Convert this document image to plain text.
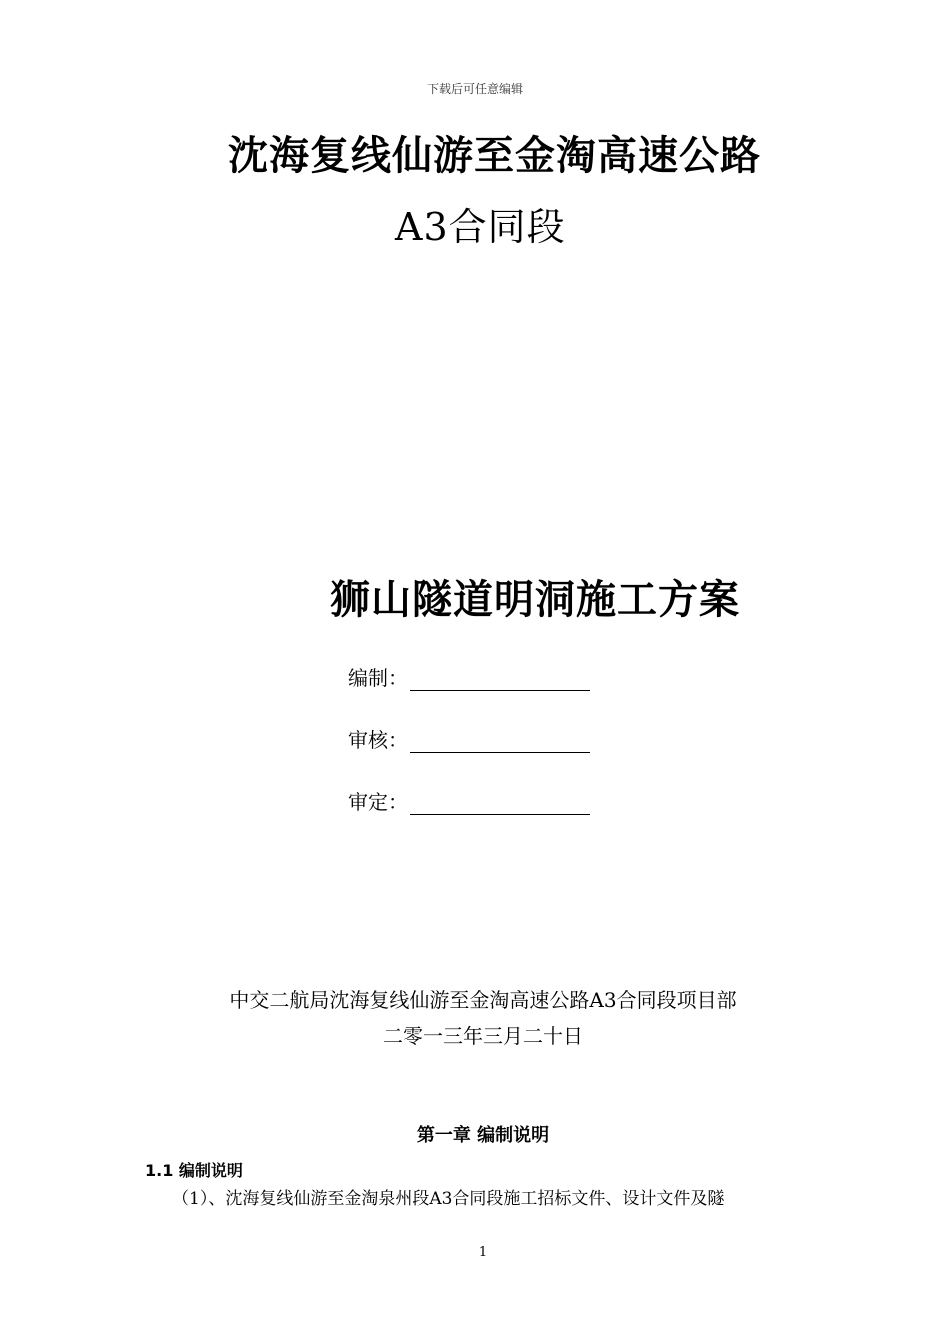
下载后可任意编辑
沈海复线仙游至金淘高速公路
A3合同段
狮山隧道明洞施工方案
编制：
审核：
审定：
中交二航局沈海复线仙游至金淘高速公路A3合同段项目部
二零一三年三月二十日
第一章 编制说明
1.1 编制说明
（1）、沈海复线仙游至金淘泉州段A3合同段施工招标文件、设计文件及隧
1
